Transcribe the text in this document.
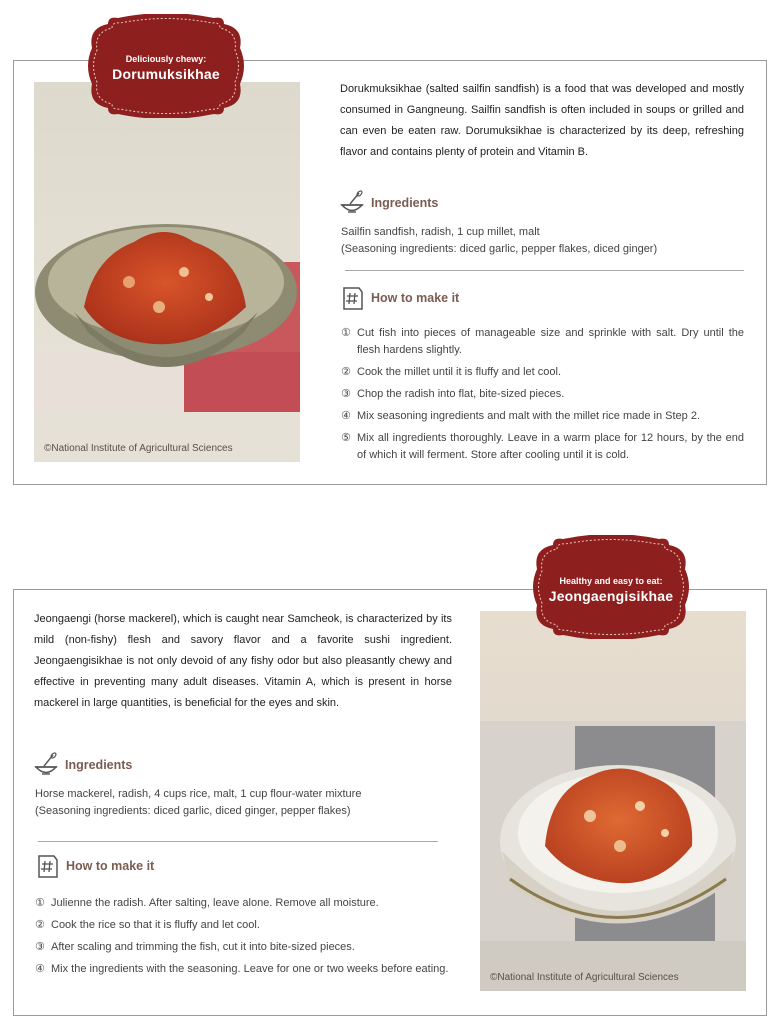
©National Institute of Agricultural Sciences
Deliciously chewy:
Dorumuksikhae
Dorukmuksikhae (salted sailfin sandfish) is a food that was developed and mostly consumed in Gangneung. Sailfin sandfish is often included in soups or grilled and can even be eaten raw. Dorumuksikhae is characterized by its deep, refreshing flavor and contains plenty of protein and Vitamin B.
Ingredients
Sailfin sandfish, radish, 1 cup millet, malt
(Seasoning ingredients: diced garlic, pepper flakes, diced ginger)
How to make it
① Cut fish into pieces of manageable size and sprinkle with salt. Dry until the flesh hardens slightly.
② Cook the millet until it is fluffy and let cool.
③ Chop the radish into flat, bite-sized pieces.
④ Mix seasoning ingredients and malt with the millet rice made in Step 2.
⑤ Mix all ingredients thoroughly. Leave in a warm place for 12 hours, by the end of which it will ferment. Store after cooling until it is cold.
©National Institute of Agricultural Sciences
Healthy and easy to eat:
Jeongaengisikhae
Jeongaengi (horse mackerel), which is caught near Samcheok, is characterized by its mild (non-fishy) flesh and savory flavor and a favorite sushi ingredient. Jeongaengisikhae is not only devoid of any fishy odor but also pleasantly chewy and effective in preventing many adult diseases. Vitamin A, which is present in horse mackerel in large quantities, is beneficial for the eyes and skin.
Ingredients
Horse mackerel, radish, 4 cups rice, malt, 1 cup flour-water mixture
(Seasoning ingredients: diced garlic, diced ginger, pepper flakes)
How to make it
① Julienne the radish. After salting, leave alone. Remove all moisture.
② Cook the rice so that it is fluffy and let cool.
③ After scaling and trimming the fish, cut it into bite-sized pieces.
④ Mix the ingredients with the seasoning. Leave for one or two weeks before eating.
